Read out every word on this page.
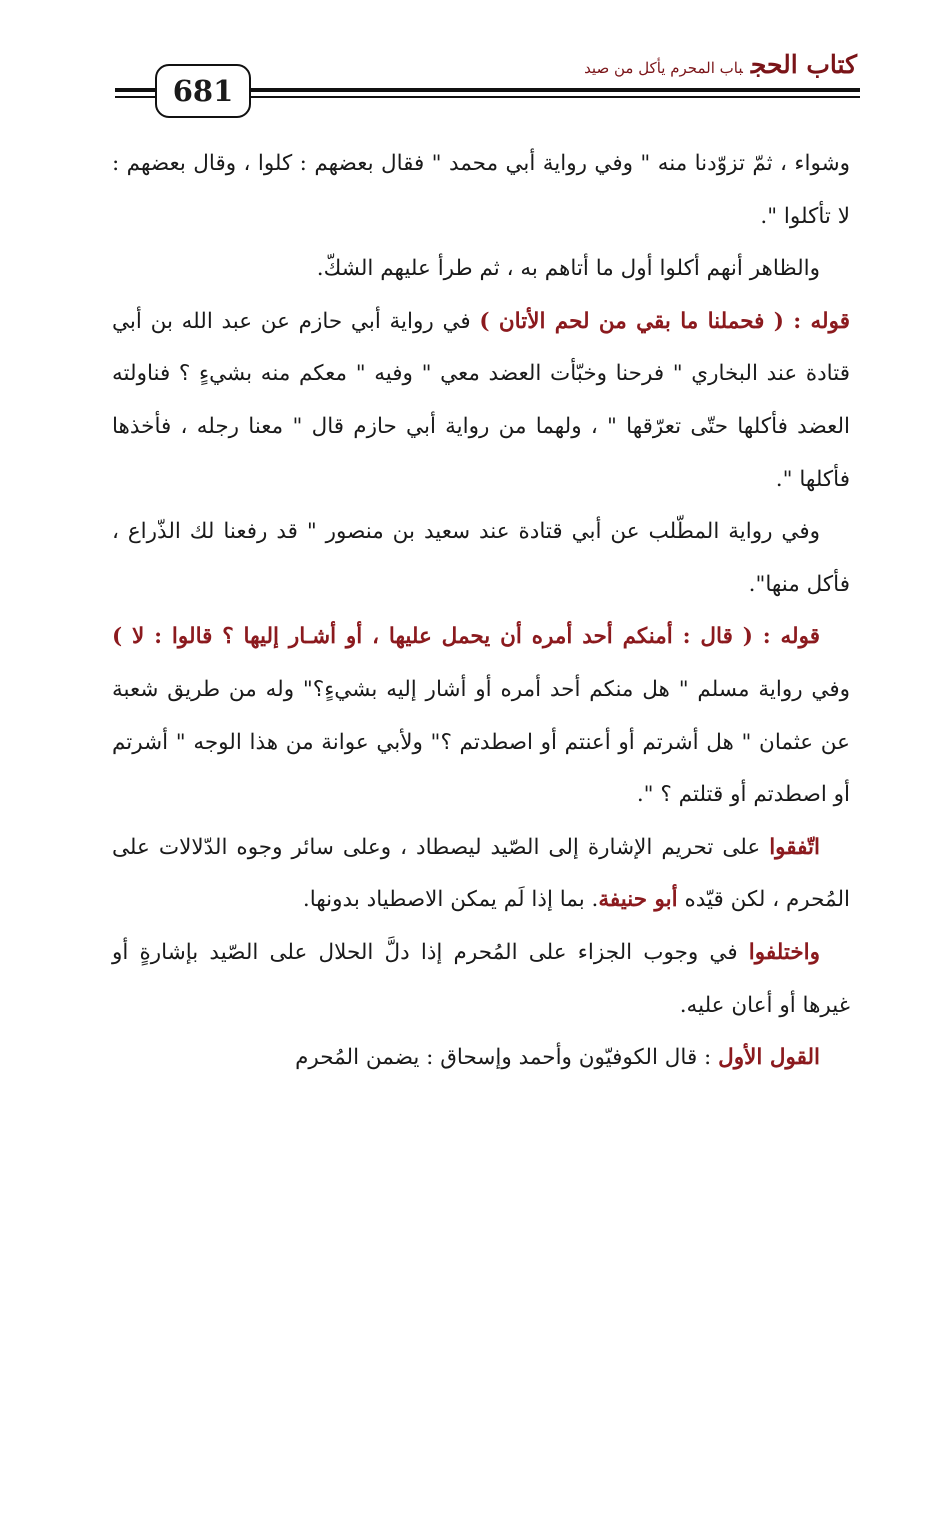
681
كتاب الحجباب المحرم يأكل من صيد

وشواء ، ثمّ تزوّدنا منه " وفي رواية أبي محمد " فقال بعضهم : كلوا ، وقال بعضهم : لا تأكلوا ".

والظاهر أنهم أكلوا أول ما أتاهم به ، ثم طرأ عليهم الشكّ.

قوله : ( فحملنا ما بقي من لحم الأتان ) في رواية أبي حازم عن عبد الله بن أبي قتادة عند البخاري " فرحنا وخبّأت العضد معي " وفيه " معكم منه بشيءٍ ؟ فناولته العضد فأكلها حتّى تعرّقها " ، ولهما من رواية أبي حازم قال " معنا رجله ، فأخذها فأكلها ".

وفي رواية المطّلب عن أبي قتادة عند سعيد بن منصور " قد رفعنا لك الذّراع ، فأكل منها".

قوله : ( قال : أمنكم أحد أمره أن يحمل عليها ، أو أشـار إليها ؟ قالوا : لا ) وفي رواية مسلم " هل منكم أحد أمره أو أشار إليه بشيءٍ؟" وله من طريق شعبة عن عثمان " هل أشرتم أو أعنتم أو اصطدتم ؟" ولأبي عوانة من هذا الوجه " أشرتم أو اصطدتم أو قتلتم ؟ ".

اتّفقوا على تحريم الإشارة إلى الصّيد ليصطاد ، وعلى سائر وجوه الدّلالات على المُحرم ، لكن قيّده أبو حنيفة. بما إذا لَم يمكن الاصطياد بدونها.

واختلفوا في وجوب الجزاء على المُحرم إذا دلَّ الحلال على الصّيد بإشارةٍ أو غيرها أو أعان عليه.

القول الأول : قال الكوفيّون وأحمد وإسحاق : يضمن المُحرم
